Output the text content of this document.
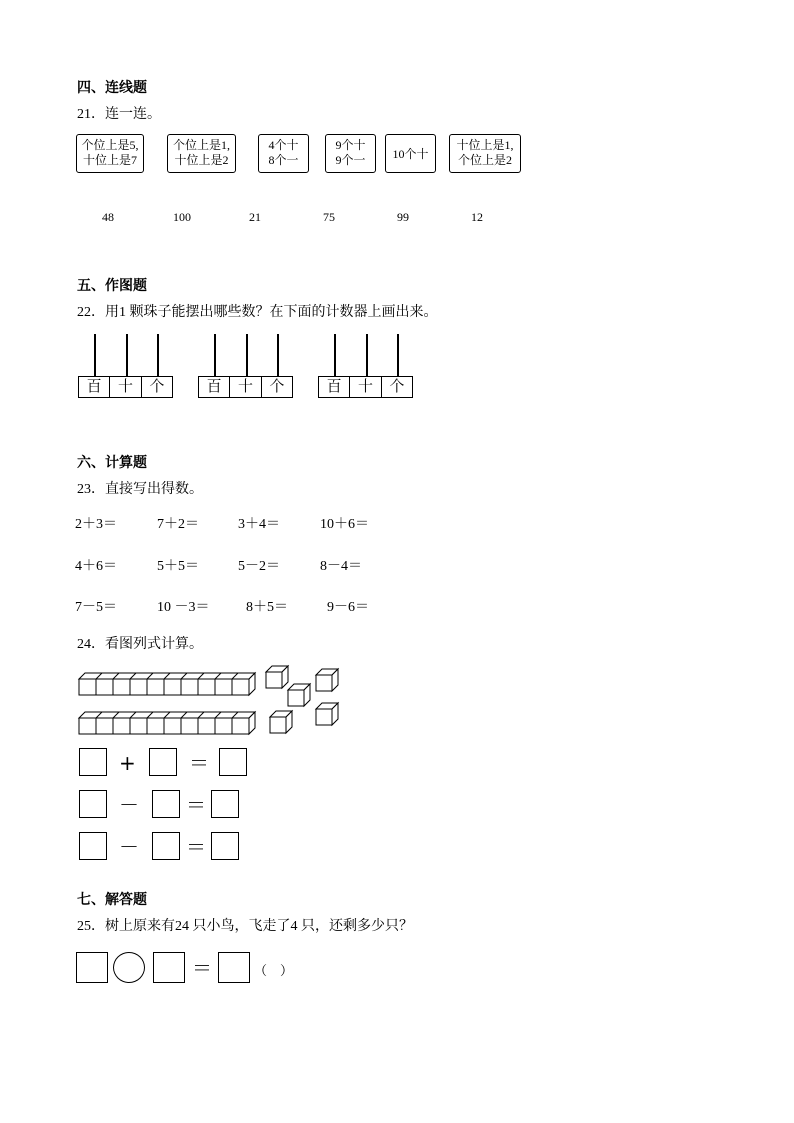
四、连线题
21．连一连。
个位上是5,
十位上是7
个位上是1,
十位上是2
4个十
8个一
9个十
9个一	10个十
十位上是1,
个位上是2
48	100	21	75	99	12
五、作图题
22．用1 颗珠子能摆出哪些数？在下面的计数器上画出来。
百	十	个	百	十	个	百	十	个
六、计算题
23．直接写出得数。
2＋3＝	7＋2＝	3＋4＝	10＋6＝
4＋6＝	5＋5＝	5－2＝	8－4＝
7－5＝	10 －3＝	8＋5＝	9－6＝
24．看图列式计算。
+	＝
－ ＝
－ ＝
七、解答题
25．树上原来有24 只小鸟，飞走了4 只，还剩多少只？
＝	（　）
